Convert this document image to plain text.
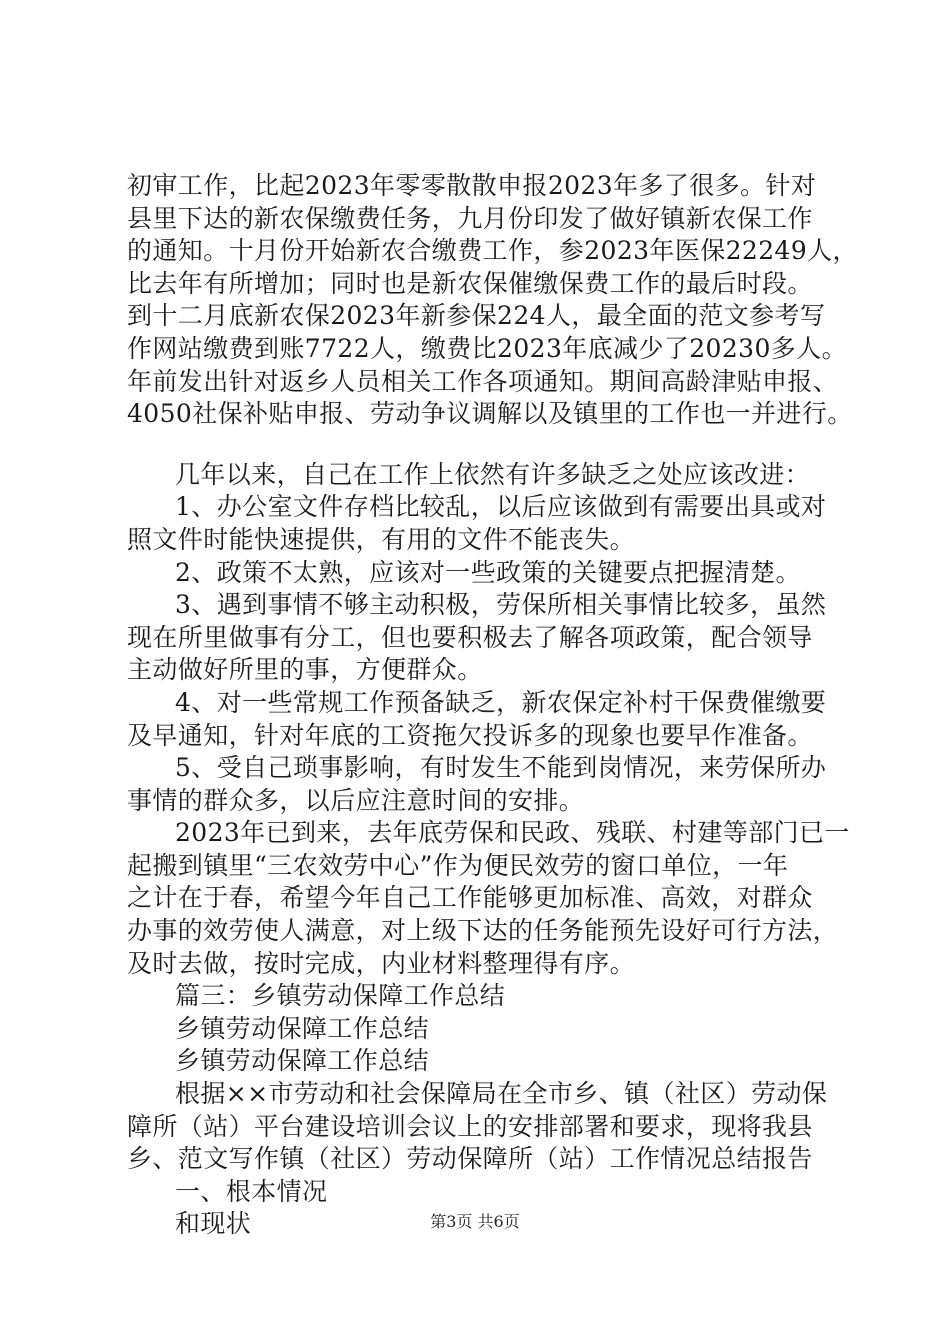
初审工作，比起2023年零零散散申报2023年多了很多。针对
县里下达的新农保缴费任务，九月份印发了做好镇新农保工作
的通知。十月份开始新农合缴费工作，参2023年医保22249人，
比去年有所增加；同时也是新农保催缴保费工作的最后时段。
到十二月底新农保2023年新参保224人，最全面的范文参考写
作网站缴费到账7722人，缴费比2023年底减少了20230多人。
年前发出针对返乡人员相关工作各项通知。期间高龄津贴申报、
4050社保补贴申报、劳动争议调解以及镇里的工作也一并进行。
几年以来，自己在工作上依然有许多缺乏之处应该改进：
1、办公室文件存档比较乱，以后应该做到有需要出具或对
照文件时能快速提供，有用的文件不能丧失。
2、政策不太熟，应该对一些政策的关键要点把握清楚。
3、遇到事情不够主动积极，劳保所相关事情比较多，虽然
现在所里做事有分工，但也要积极去了解各项政策，配合领导
主动做好所里的事，方便群众。
4、对一些常规工作预备缺乏，新农保定补村干保费催缴要
及早通知，针对年底的工资拖欠投诉多的现象也要早作准备。
5、受自己琐事影响，有时发生不能到岗情况，来劳保所办
事情的群众多，以后应注意时间的安排。
2023年已到来，去年底劳保和民政、残联、村建等部门已一
起搬到镇里“三农效劳中心”作为便民效劳的窗口单位，一年
之计在于春，希望今年自己工作能够更加标准、高效，对群众
办事的效劳使人满意，对上级下达的任务能预先设好可行方法，
及时去做，按时完成，内业材料整理得有序。
篇三：乡镇劳动保障工作总结
乡镇劳动保障工作总结
乡镇劳动保障工作总结
根据××市劳动和社会保障局在全市乡、镇（社区）劳动保
障所（站）平台建设培训会议上的安排部署和要求，现将我县
乡、范文写作镇（社区）劳动保障所（站）工作情况总结报告
一、根本情况
和现状	第3页 共6页
